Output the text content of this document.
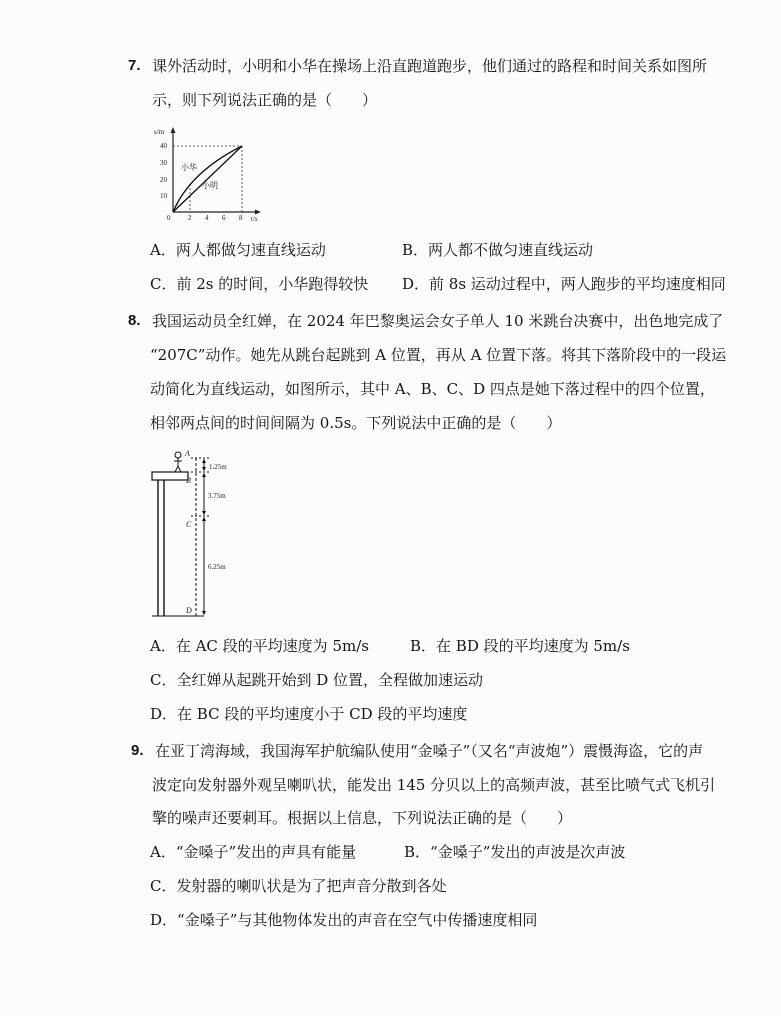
7. 课外活动时，小明和小华在操场上沿直跑道跑步，他们通过的路程和时间关系如图所
示，则下列说法正确的是（　　）
s/m
t/s
40
30
20
10
0	2 4 6 8
小华
小明
A．两人都做匀速直线运动	B．两人都不做匀速直线运动
C．前 2s 的时间，小华跑得较快 D．前 8s 运动过程中，两人跑步的平均速度相同
8. 我国运动员全红婵，在 2024 年巴黎奥运会女子单人 10 米跳台决赛中，出色地完成了
“207C”动作。她先从跳台起跳到 A 位置，再从 A 位置下落。将其下落阶段中的一段运
动简化为直线运动，如图所示，其中 A、B、C、D 四点是她下落过程中的四个位置，
相邻两点间的时间间隔为 0.5s。下列说法中正确的是（　　）
A
B
C
D
1.25m
3.75m
6.25m
A．在 AC 段的平均速度为 5m/s	B．在 BD 段的平均速度为 5m/s
C．全红婵从起跳开始到 D 位置，全程做加速运动
D．在 BC 段的平均速度小于 CD 段的平均速度
9. 在亚丁湾海域，我国海军护航编队使用“金嗓子”（又名“声波炮”）震慑海盗，它的声
波定向发射器外观呈喇叭状，能发出 145 分贝以上的高频声波，甚至比喷气式飞机引
擎的噪声还要刺耳。根据以上信息，下列说法正确的是（　　）
A．“金嗓子”发出的声具有能量	B．“金嗓子”发出的声波是次声波
C．发射器的喇叭状是为了把声音分散到各处
D．“金嗓子”与其他物体发出的声音在空气中传播速度相同
